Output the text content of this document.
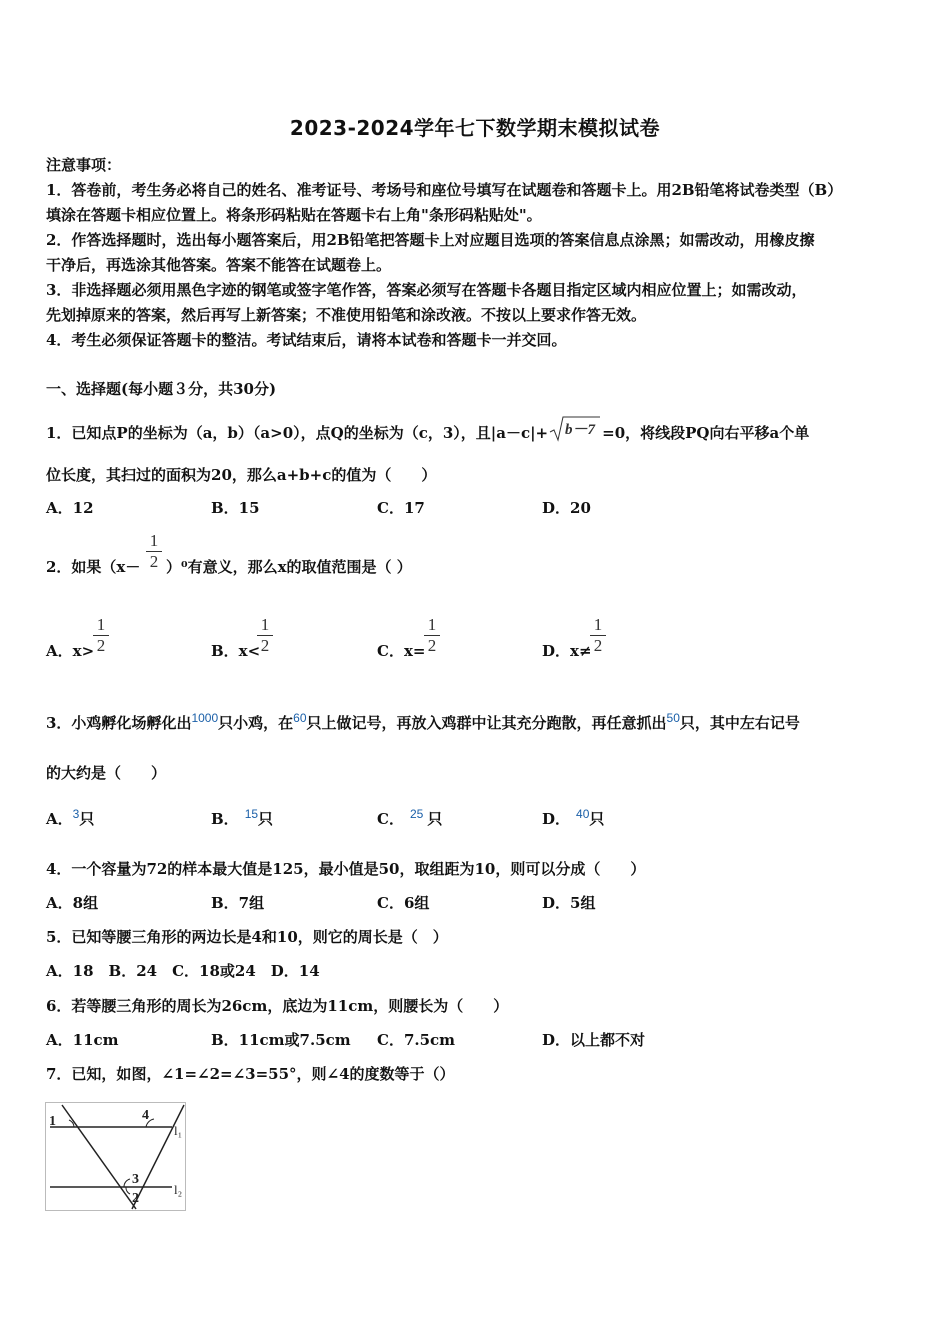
2023-2024学年七下数学期末模拟试卷
注意事项：
1．答卷前，考生务必将自己的姓名、准考证号、考场号和座位号填写在试题卷和答题卡上。用2B铅笔将试卷类型（B）
填涂在答题卡相应位置上。将条形码粘贴在答题卡右上角"条形码粘贴处"。
2．作答选择题时，选出每小题答案后，用2B铅笔把答题卡上对应题目选项的答案信息点涂黑；如需改动，用橡皮擦
干净后，再选涂其他答案。答案不能答在试题卷上。
3．非选择题必须用黑色字迹的钢笔或签字笔作答，答案必须写在答题卡各题目指定区域内相应位置上；如需改动，
先划掉原来的答案，然后再写上新答案；不准使用铅笔和涂改液。不按以上要求作答无效。
4．考生必须保证答题卡的整洁。考试结束后，请将本试卷和答题卡一并交回。
一、选择题(每小题３分，共30分)
1．已知点P的坐标为（a，b）（a>0），点Q的坐标为（c，3），且|a－c|+ b－7 =0，将线段PQ向右平移a个单
位长度，其扫过的面积为20，那么a+b+c的值为（　　）
A．12	B．15	C．17	D．20
2．如果（x－
1
2 ）⁰有意义，那么x的取值范围是（ ）
A．x>
1
2	B．x<
1
2	C．x=
1
2	D．x≠
1
2
3．小鸡孵化场孵化出$^{1000}$只小鸡，在$^{60}$只上做记号，再放入鸡群中让其充分跑散，再任意抓出$^{50}$只，其中左右记号
的大约是（　　）
A．$^3$只	B． $^{15}$只	C． $^{25}$ 只	D． $^{40}$只
4．一个容量为72的样本最大值是125，最小值是50，取组距为10，则可以分成（　　）
A．8组	B．7组	C．6组	D．5组
5．已知等腰三角形的两边长是4和10，则它的周长是（　）
A．18　B．24　C．18或24　D．14
6．若等腰三角形的周长为26cm，底边为11cm，则腰长为（　　）
A．11cm	B．11cm或7.5cm C．7.5cm	D．以上都不对
7．已知，如图，∠1=∠2=∠3=55°，则∠4的度数等于（）
1	4
3
2
l₁
l₂
